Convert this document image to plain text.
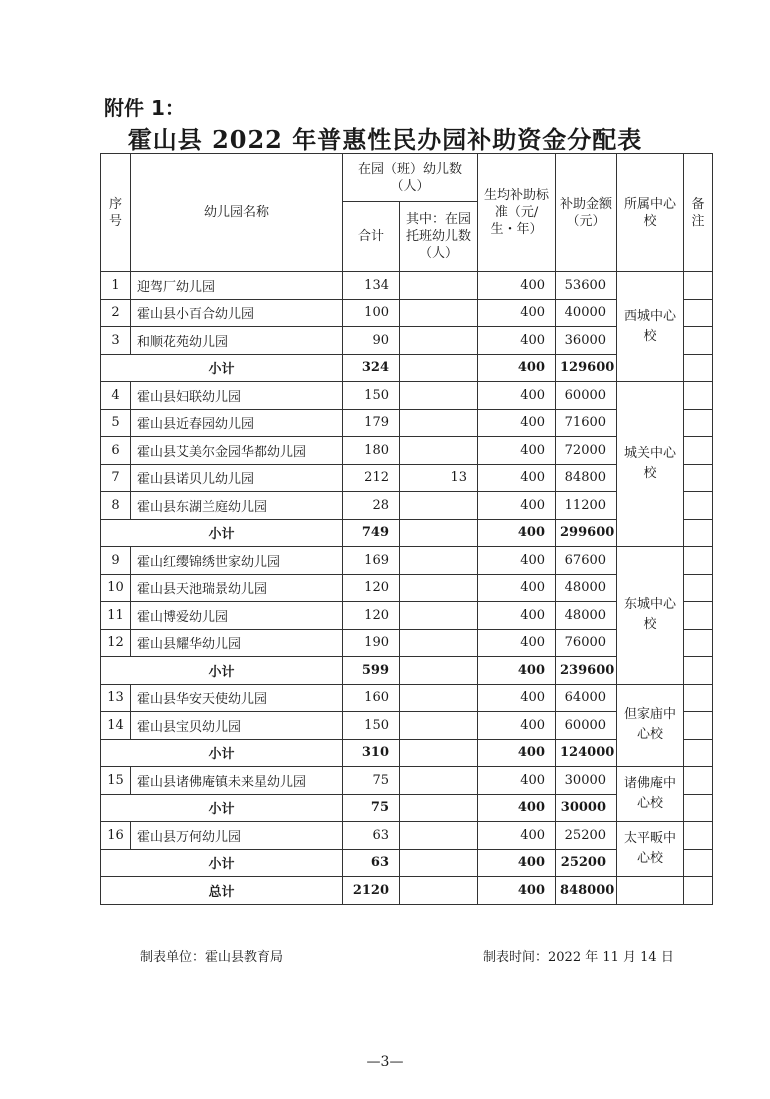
附件 1：
霍山县 2022 年普惠性民办园补助资金分配表
序号	幼儿园名称	在园（班）幼儿数（人）		生均补助标准（元/生・年）	补助金额（元）	所属中心校	备注
		合计	其中：在园托班幼儿数（人）				
1	迎驾厂幼儿园	134		400	53600	西城中心校	
2	霍山县小百合幼儿园	100		400	40000		
3	和顺花苑幼儿园	90		400	36000		
小计		324		400	129600		
4	霍山县妇联幼儿园	150		400	60000	城关中心校	
5	霍山县近春园幼儿园	179		400	71600		
6	霍山县艾美尔金园华都幼儿园	180		400	72000		
7	霍山县诺贝儿幼儿园	212	13	400	84800		
8	霍山县东湖兰庭幼儿园	28		400	11200		
小计		749		400	299600		
9	霍山红缨锦绣世家幼儿园	169		400	67600	东城中心校	
10	霍山县天池瑞景幼儿园	120		400	48000		
11	霍山博爱幼儿园	120		400	48000		
12	霍山县耀华幼儿园	190		400	76000		
小计		599		400	239600		
13	霍山县华安天使幼儿园	160		400	64000	但家庙中心校	
14	霍山县宝贝幼儿园	150		400	60000		
小计		310		400	124000		
15	霍山县诸佛庵镇未来星幼儿园	75		400	30000	诸佛庵中心校	
小计		75		400	30000		
16	霍山县万何幼儿园	63		400	25200	太平畈中心校	
小计		63		400	25200		
总计		2120		400	848000		
制表单位：霍山县教育局	制表时间：2022 年 11 月 14 日
—3—
